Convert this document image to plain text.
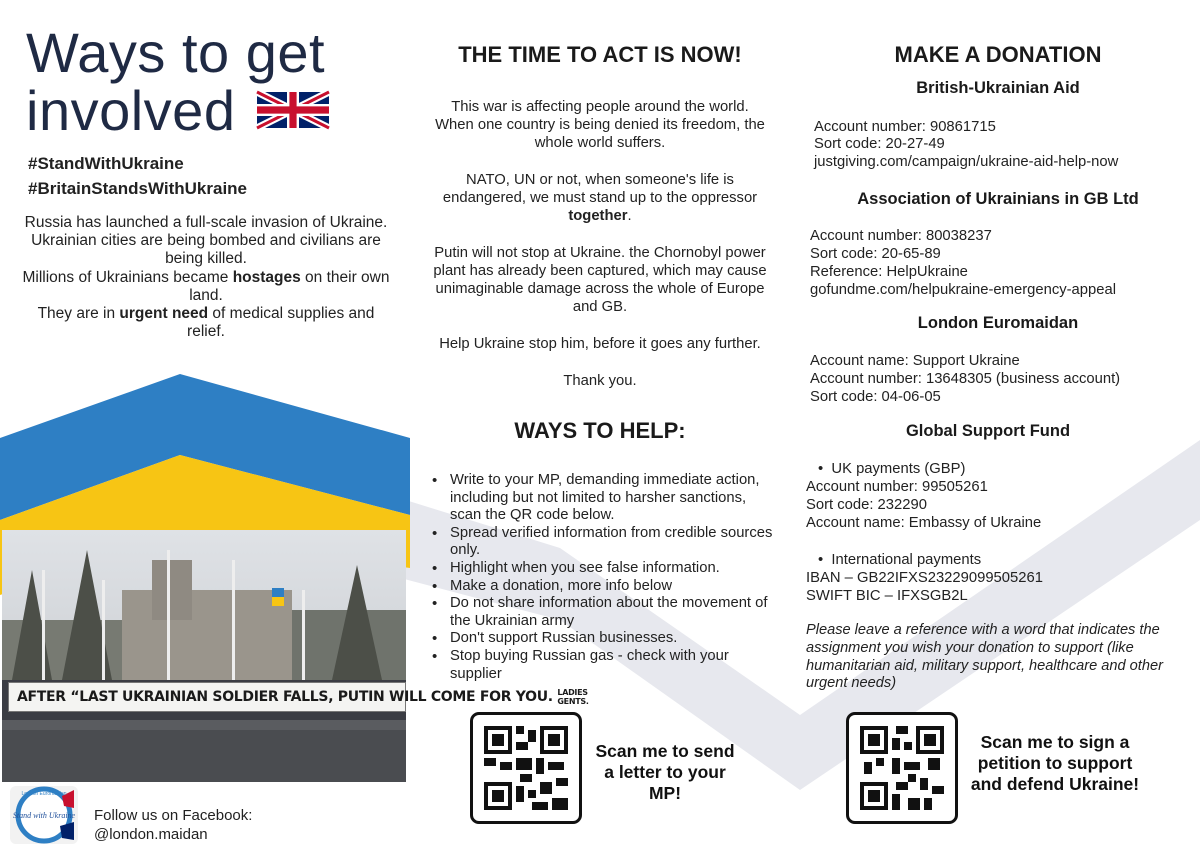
Ways to get
involved
#StandWithUkraine
#BritainStandsWithUkraine
Russia has launched a full-scale invasion of Ukraine.
Ukrainian cities are being bombed and civilians are being killed.
Millions of Ukrainians became hostages on their own land.
They are in urgent need of medical supplies and relief.
AFTER “LAST UKRAINIAN SOLDIER FALLS, PUTIN WILL COME FOR YOU. LADIES
GENTS.
London Euromaidan
Stand with Ukraine Follow us on Facebook:
@london.maidan
THE TIME TO ACT IS NOW!
This war is affecting people around the world. When one country is being denied its freedom, the whole world suffers.
NATO, UN or not, when someone's life is endangered, we must stand up to the oppressor together.
Putin will not stop at Ukraine. the Chornobyl power plant has already been captured, which may cause unimaginable damage across the whole of Europe and GB.
Help Ukraine stop him, before it goes any further.
Thank you.
WAYS TO HELP:
• Write to your MP, demanding immediate action, including but not limited to harsher sanctions, scan the QR code below.
• Spread verified information from credible sources only.
• Highlight when you see false information.
• Make a donation, more info below
• Do not share information about the movement of the Ukrainian army
• Don't support Russian businesses.
• Stop buying Russian gas - check with your supplier
Scan me to send a letter to your MP!
MAKE A DONATION
British-Ukrainian Aid
Account number: 90861715
Sort code: 20-27-49
justgiving.com/campaign/ukraine-aid-help-now
Association of Ukrainians in GB Ltd
Account number: 80038237
Sort code: 20-65-89
Reference: HelpUkraine
gofundme.com/helpukraine-emergency-appeal
London Euromaidan
Account name: Support Ukraine
Account number: 13648305 (business account)
Sort code: 04-06-05
Global Support Fund
•  UK payments (GBP)
Account number: 99505261
Sort code: 232290
Account name: Embassy of Ukraine
•  International payments
IBAN – GB22IFXS23229099505261
SWIFT BIC – IFXSGB2L
Please leave a reference with a word that indicates the assignment you wish your donation to support (like humanitarian aid, military support, healthcare and other urgent needs)
Scan me to sign a petition to support and defend Ukraine!
